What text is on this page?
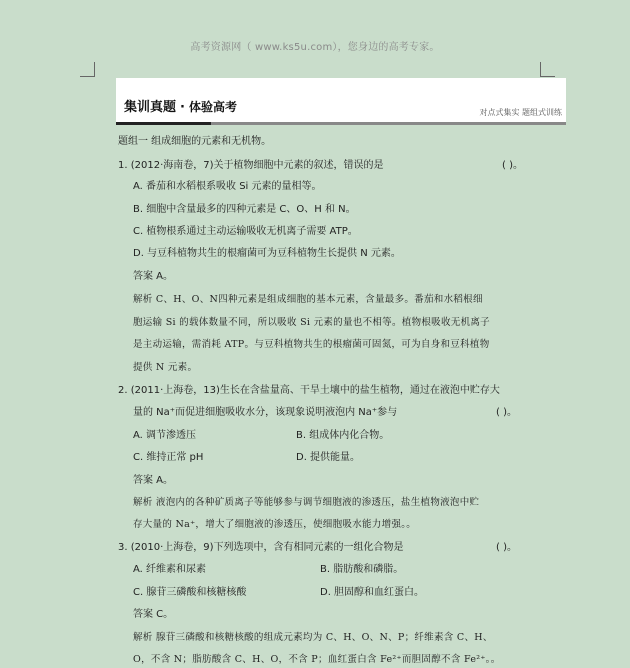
高考资源网（ www.ks5u.com），您身边的高考专家。
集训真题 · 体验高考	对点式集实 题组式训练
题组一 组成细胞的元素和无机物。
1. (2012·海南卷，7)关于植物细胞中元素的叙述，错误的是	( )。
A. 番茄和水稻根系吸收 Si 元素的量相等。
B. 细胞中含量最多的四种元素是 C、O、H 和 N。
C. 植物根系通过主动运输吸收无机离子需要 ATP。
D. 与豆科植物共生的根瘤菌可为豆科植物生长提供 N 元素。
答案 A。
解析 C、H、O、N四种元素是组成细胞的基本元素，含量最多。番茄和水稻根细
胞运输 Si 的载体数量不同，所以吸收 Si 元素的量也不相等。植物根吸收无机离子
是主动运输，需消耗 ATP。与豆科植物共生的根瘤菌可固氮，可为自身和豆科植物
提供 N 元素。
2. (2011·上海卷，13)生长在含盐量高、干旱土壤中的盐生植物，通过在液泡中贮存大
量的 Na⁺而促进细胞吸收水分，该现象说明液泡内 Na⁺参与	( )。
A. 调节渗透压	B. 组成体内化合物。
C. 维持正常 pH	D. 提供能量。
答案 A。
解析 液泡内的各种矿质离子等能够参与调节细胞液的渗透压，盐生植物液泡中贮
存大量的 Na⁺，增大了细胞液的渗透压，使细胞吸水能力增强。。
3. (2010·上海卷，9)下列选项中，含有相同元素的一组化合物是	( )。
A. 纤维素和尿素	B. 脂肪酸和磷脂。
C. 腺苷三磷酸和核糖核酸	D. 胆固醇和血红蛋白。
答案 C。
解析 腺苷三磷酸和核糖核酸的组成元素均为 C、H、O、N、P；纤维素含 C、H、
O，不含 N；脂肪酸含 C、H、O，不含 P；血红蛋白含 Fe²⁺而胆固醇不含 Fe²⁺。。
